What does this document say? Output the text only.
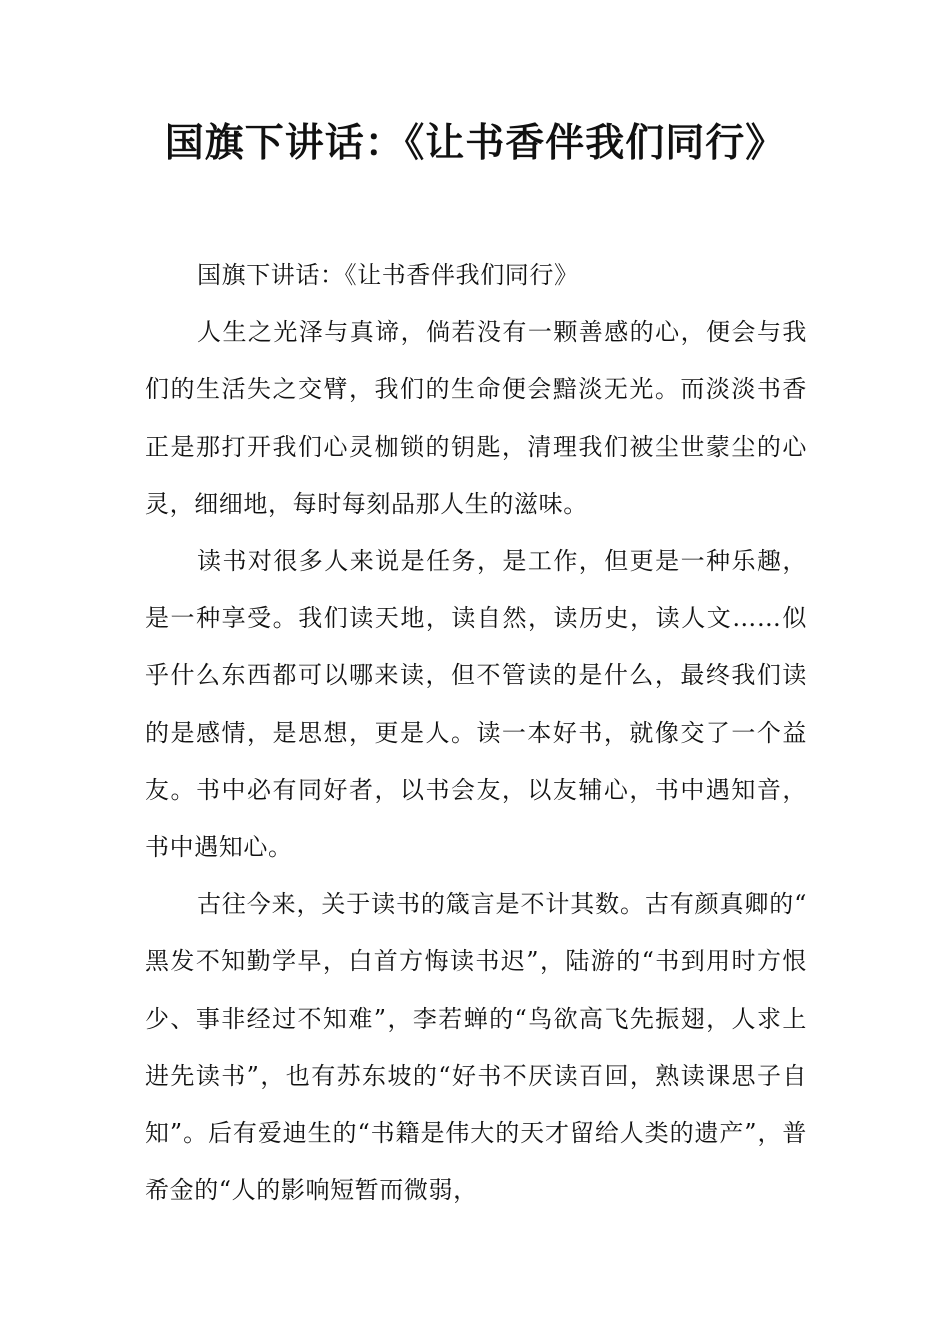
国旗下讲话：《让书香伴我们同行》

国旗下讲话：《让书香伴我们同行》

人生之光泽与真谛，倘若没有一颗善感的心，便会与我们的生活失之交臂，我们的生命便会黯淡无光。而淡淡书香正是那打开我们心灵枷锁的钥匙，清理我们被尘世蒙尘的心灵，细细地，每时每刻品那人生的滋味。

读书对很多人来说是任务，是工作，但更是一种乐趣，是一种享受。我们读天地，读自然，读历史，读人文……似乎什么东西都可以哪来读，但不管读的是什么，最终我们读的是感情，是思想，更是人。读一本好书，就像交了一个益友。书中必有同好者，以书会友，以友辅心，书中遇知音，书中遇知心。

古往今来，关于读书的箴言是不计其数。古有颜真卿的“ 黑发不知勤学早，白首方悔读书迟”，陆游的“书到用时方恨少、事非经过不知难”，李若蝉的“鸟欲高飞先振翅，人求上进先读书”，也有苏东坡的“好书不厌读百回，熟读课思子自知”。后有爱迪生的“书籍是伟大的天才留给人类的遗产”，普希金的“人的影响短暂而微弱，
